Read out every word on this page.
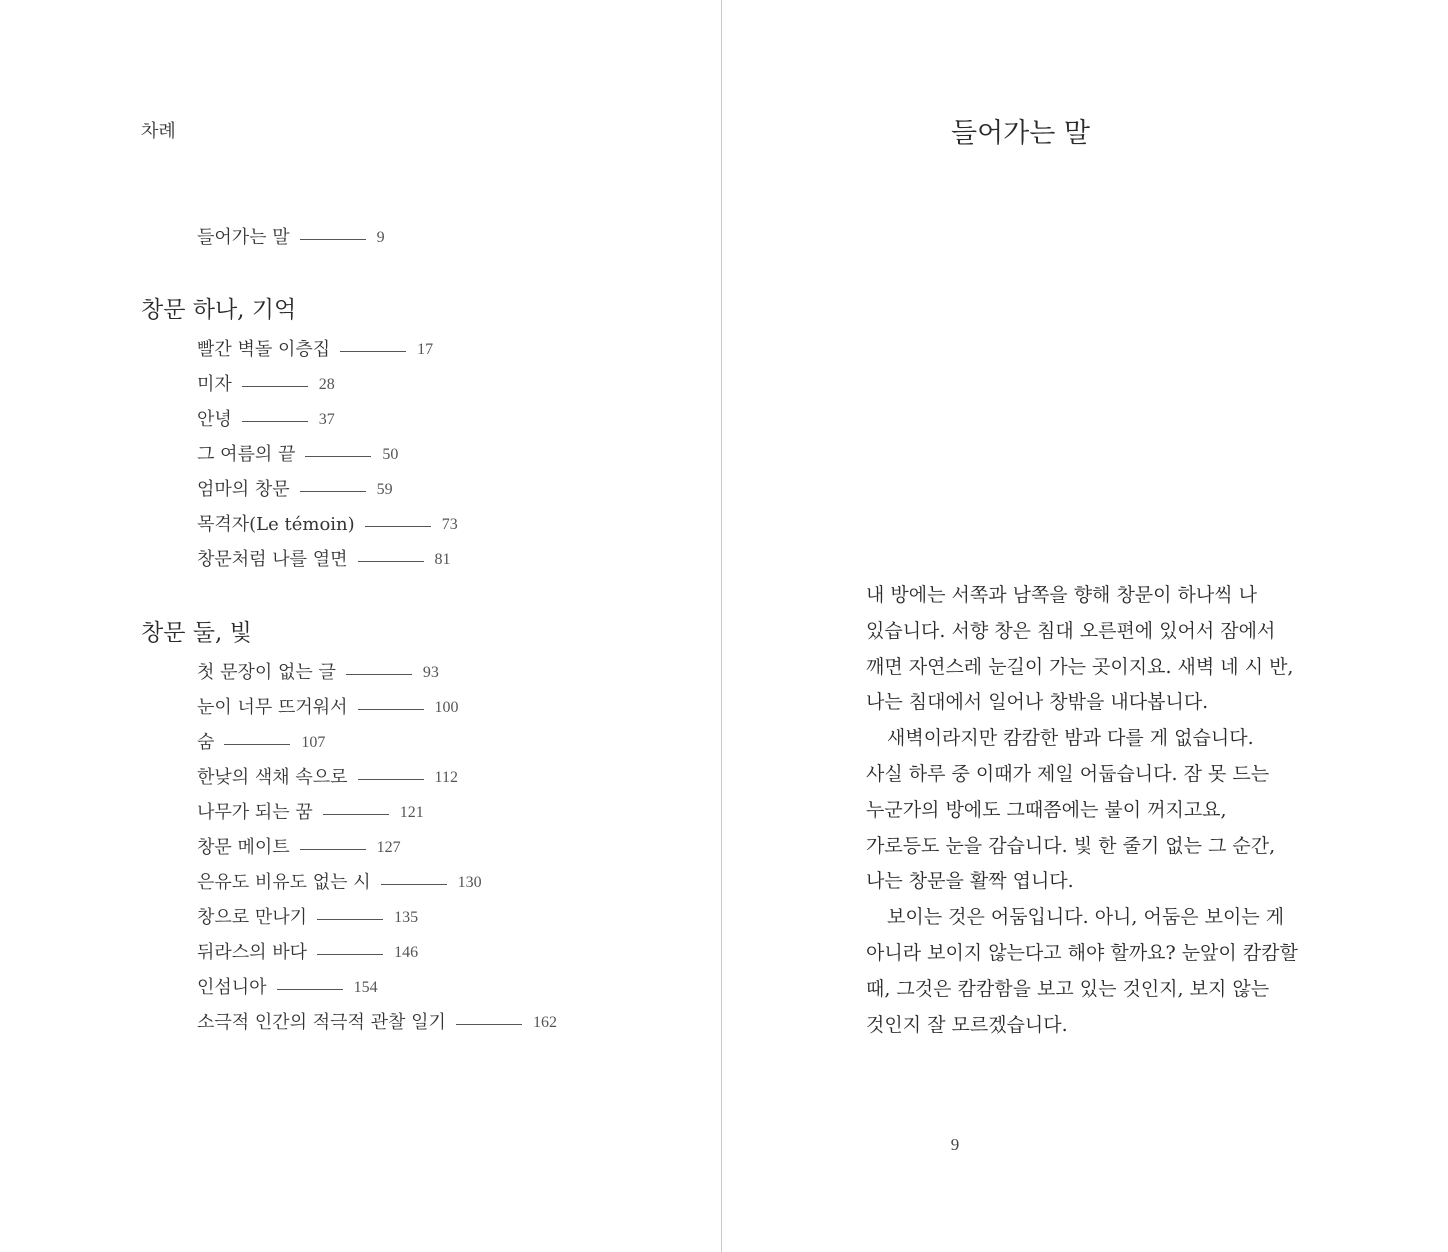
차례
들어가는 말	9
창문 하나, 기억
빨간 벽돌 이층집	17
미자	28
안녕	37
그 여름의 끝	50
엄마의 창문	59
목격자(Le témoin)	73
창문처럼 나를 열면	81
창문 둘, 빛
첫 문장이 없는 글	93
눈이 너무 뜨거워서	100
숨	107
한낮의 색채 속으로	112
나무가 되는 꿈	121
창문 메이트	127
은유도 비유도 없는 시	130
창으로 만나기	135
뒤라스의 바다	146
인섬니아	154
소극적 인간의 적극적 관찰 일기	162
들어가는 말
내 방에는 서쪽과 남쪽을 향해 창문이 하나씩 나
있습니다. 서향 창은 침대 오른편에 있어서 잠에서
깨면 자연스레 눈길이 가는 곳이지요. 새벽 네 시 반,
나는 침대에서 일어나 창밖을 내다봅니다.
새벽이라지만 캄캄한 밤과 다를 게 없습니다.
사실 하루 중 이때가 제일 어둡습니다. 잠 못 드는
누군가의 방에도 그때쯤에는 불이 꺼지고요,
가로등도 눈을 감습니다. 빛 한 줄기 없는 그 순간,
나는 창문을 활짝 엽니다.
보이는 것은 어둠입니다. 아니, 어둠은 보이는 게
아니라 보이지 않는다고 해야 할까요? 눈앞이 캄캄할
때, 그것은 캄캄함을 보고 있는 것인지, 보지 않는
것인지 잘 모르겠습니다.
9
